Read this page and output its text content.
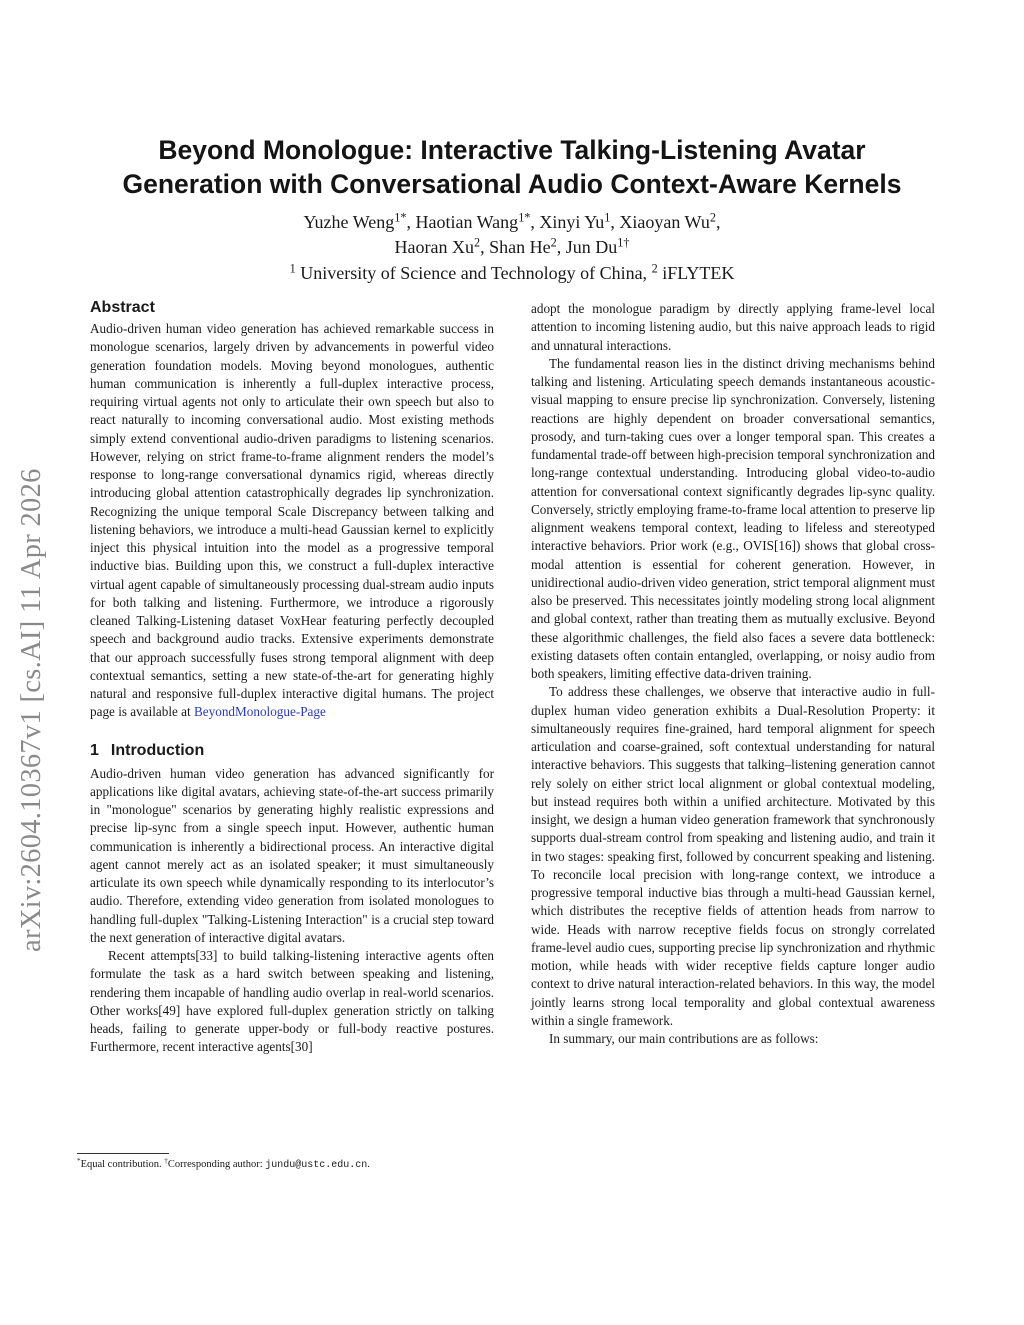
arXiv:2604.10367v1 [cs.AI] 11 Apr 2026
Beyond Monologue: Interactive Talking-Listening Avatar
Generation with Conversational Audio Context-Aware Kernels
Yuzhe Weng$^{1*}$, Haotian Wang$^{1*}$, Xinyi Yu$^1$, Xiaoyan Wu$^2$,
Haoran Xu$^2$, Shan He$^2$, Jun $Du^{1\dagger}$
$^1$ University of Science and Technology of China, $^2$ iFLYTEK
Abstract

Audio-driven human video generation has achieved remarkable success in monologue scenarios, largely driven by advancements in powerful video generation foundation models. Moving beyond monologues, authentic human communication is inherently a full-duplex interactive process, requiring virtual agents not only to articulate their own speech but also to react naturally to incoming conversational audio. Most existing methods simply extend conventional audio-driven paradigms to listening scenarios. However, relying on strict frame-to-frame alignment renders the model’s response to long-range conversational dynamics rigid, whereas directly introducing global attention catastrophically degrades lip synchronization. Recognizing the unique temporal Scale Discrepancy between talking and listening behaviors, we introduce a multi-head Gaussian kernel to explicitly inject this physical intuition into the model as a progressive temporal inductive bias. Building upon this, we construct a full-duplex interactive virtual agent capable of simultaneously processing dual-stream audio inputs for both talking and listening. Furthermore, we introduce a rigorously cleaned Talking-Listening dataset VoxHear featuring perfectly decoupled speech and background audio tracks. Extensive experiments demonstrate that our approach successfully fuses strong temporal alignment with deep contextual semantics, setting a new state-of-the-art for generating highly natural and responsive full-duplex interactive digital humans. The project page is available at BeyondMonologue-Page

1 Introduction

Audio-driven human video generation has advanced significantly for applications like digital avatars, achieving state-of-the-art success primarily in "monologue" scenarios by generating highly realistic expressions and precise lip-sync from a single speech input. However, authentic human communication is inherently a bidirectional process. An interactive digital agent cannot merely act as an isolated speaker; it must simultaneously articulate its own speech while dynamically responding to its interlocutor’s audio. Therefore, extending video generation from isolated monologues to handling full-duplex "Talking-Listening Interaction" is a crucial step toward the next generation of interactive digital avatars.

Recent attempts[33] to build talking-listening interactive agents often formulate the task as a hard switch between speaking and listening, rendering them incapable of handling audio overlap in real-world scenarios. Other works[49] have explored full-duplex generation strictly on talking heads, failing to generate upper-body or full-body reactive postures. Furthermore, recent interactive agents[30]

adopt the monologue paradigm by directly applying frame-level local attention to incoming listening audio, but this naive approach leads to rigid and unnatural interactions.

The fundamental reason lies in the distinct driving mechanisms behind talking and listening. Articulating speech demands instantaneous acoustic-visual mapping to ensure precise lip synchronization. Conversely, listening reactions are highly dependent on broader conversational semantics, prosody, and turn-taking cues over a longer temporal span. This creates a fundamental trade-off between high-precision temporal synchronization and long-range contextual understanding. Introducing global video-to-audio attention for conversational context significantly degrades lip-sync quality. Conversely, strictly employing frame-to-frame local attention to preserve lip alignment weakens temporal context, leading to lifeless and stereotyped interactive behaviors. Prior work (e.g., OVIS[16]) shows that global cross-modal attention is essential for coherent generation. However, in unidirectional audio-driven video generation, strict temporal alignment must also be preserved. This necessitates jointly modeling strong local alignment and global context, rather than treating them as mutually exclusive. Beyond these algorithmic challenges, the field also faces a severe data bottleneck: existing datasets often contain entangled, overlapping, or noisy audio from both speakers, limiting effective data-driven training.

To address these challenges, we observe that interactive audio in full-duplex human video generation exhibits a Dual-Resolution Property: it simultaneously requires fine-grained, hard temporal alignment for speech articulation and coarse-grained, soft contextual understanding for natural interactive behaviors. This suggests that talking–listening generation cannot rely solely on either strict local alignment or global contextual modeling, but instead requires both within a unified architecture. Motivated by this insight, we design a human video generation framework that synchronously supports dual-stream control from speaking and listening audio, and train it in two stages: speaking first, followed by concurrent speaking and listening. To reconcile local precision with long-range context, we introduce a progressive temporal inductive bias through a multi-head Gaussian kernel, which distributes the receptive fields of attention heads from narrow to wide. Heads with narrow receptive fields focus on strongly correlated frame-level audio cues, supporting precise lip synchronization and rhythmic motion, while heads with wider receptive fields capture longer audio context to drive natural interaction-related behaviors. In this way, the model jointly learns strong local temporality and global contextual awareness within a single framework.

In summary, our main contributions are as follows:

*Equal contribution. †Corresponding author: jundu@ustc.edu.cn.
